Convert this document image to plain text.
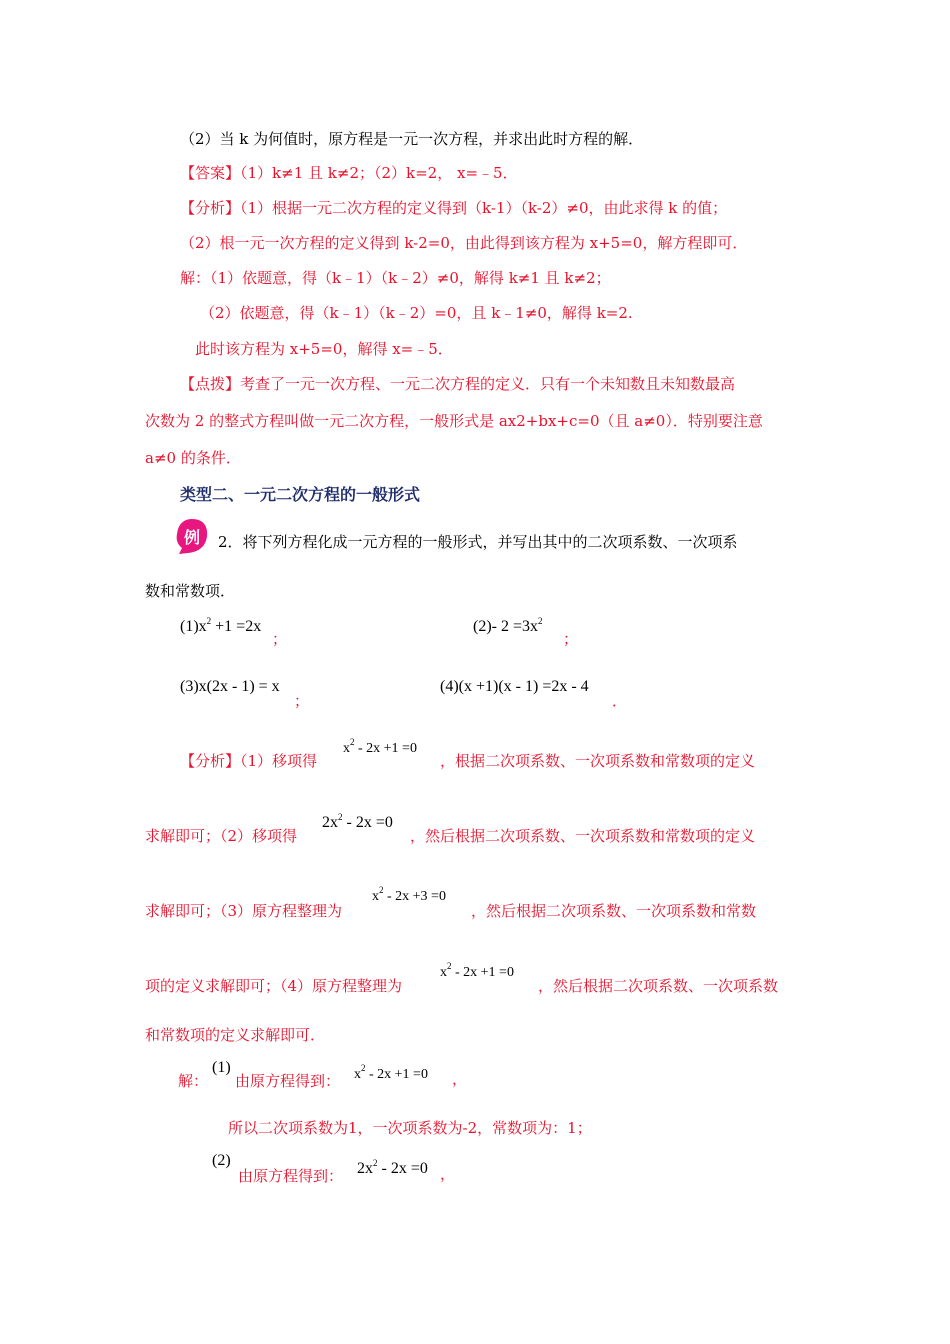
（2）当 k 为何值时，原方程是一元一次方程，并求出此时方程的解．
【答案】（1）k≠1 且 k≠2；（2）k=2， x=﹣5．
【分析】（1）根据一元二次方程的定义得到（k-1）（k-2）≠0，由此求得 k 的值；
（2）根一元一次方程的定义得到 k-2=0，由此得到该方程为 x+5=0，解方程即可．
解：（1）依题意，得（k﹣1）（k﹣2）≠0，解得 k≠1 且 k≠2；
（2）依题意，得（k﹣1）（k﹣2）=0，且 k﹣1≠0，解得 k=2.
此时该方程为 x+5=0，解得 x=﹣5．
【点拨】考查了一元一次方程、一元二次方程的定义．只有一个未知数且未知数最高
次数为 2 的整式方程叫做一元二次方程，一般形式是 ax2+bx+c=0（且 a≠0）．特别要注意
a≠0 的条件．
类型二、一元二次方程的一般形式
例 2．将下列方程化成一元方程的一般形式，并写出其中的二次项系数、一次项系
数和常数项．
$(1)x^2 +1 =2x$
；
(2)- $2 =3x^2$
；
(3)x(2x - 1) = x
；
(4)(x +1)(x - 1) =2x - 4
．
【分析】（1）移项得
$x^2 - 2x +1 =0$
，根据二次项系数、一次项系数和常数项的定义
求解即可；（2）移项得
$2x^2 - 2x =0$
，然后根据二次项系数、一次项系数和常数项的定义
求解即可；（3）原方程整理为
$x^2 - 2x +3 =0$
，然后根据二次项系数、一次项系数和常数
项的定义求解即可；（4）原方程整理为
$x^2 - 2x +1 =0$
，然后根据二次项系数、一次项系数
和常数项的定义求解即可．
解：
(1)
由原方程得到： $x^2 - 2x +1 =0$ ，
所以二次项系数为1，一次项系数为-2，常数项为：1；
(2)
由原方程得到： $2x^2 - 2x =0$ ，
